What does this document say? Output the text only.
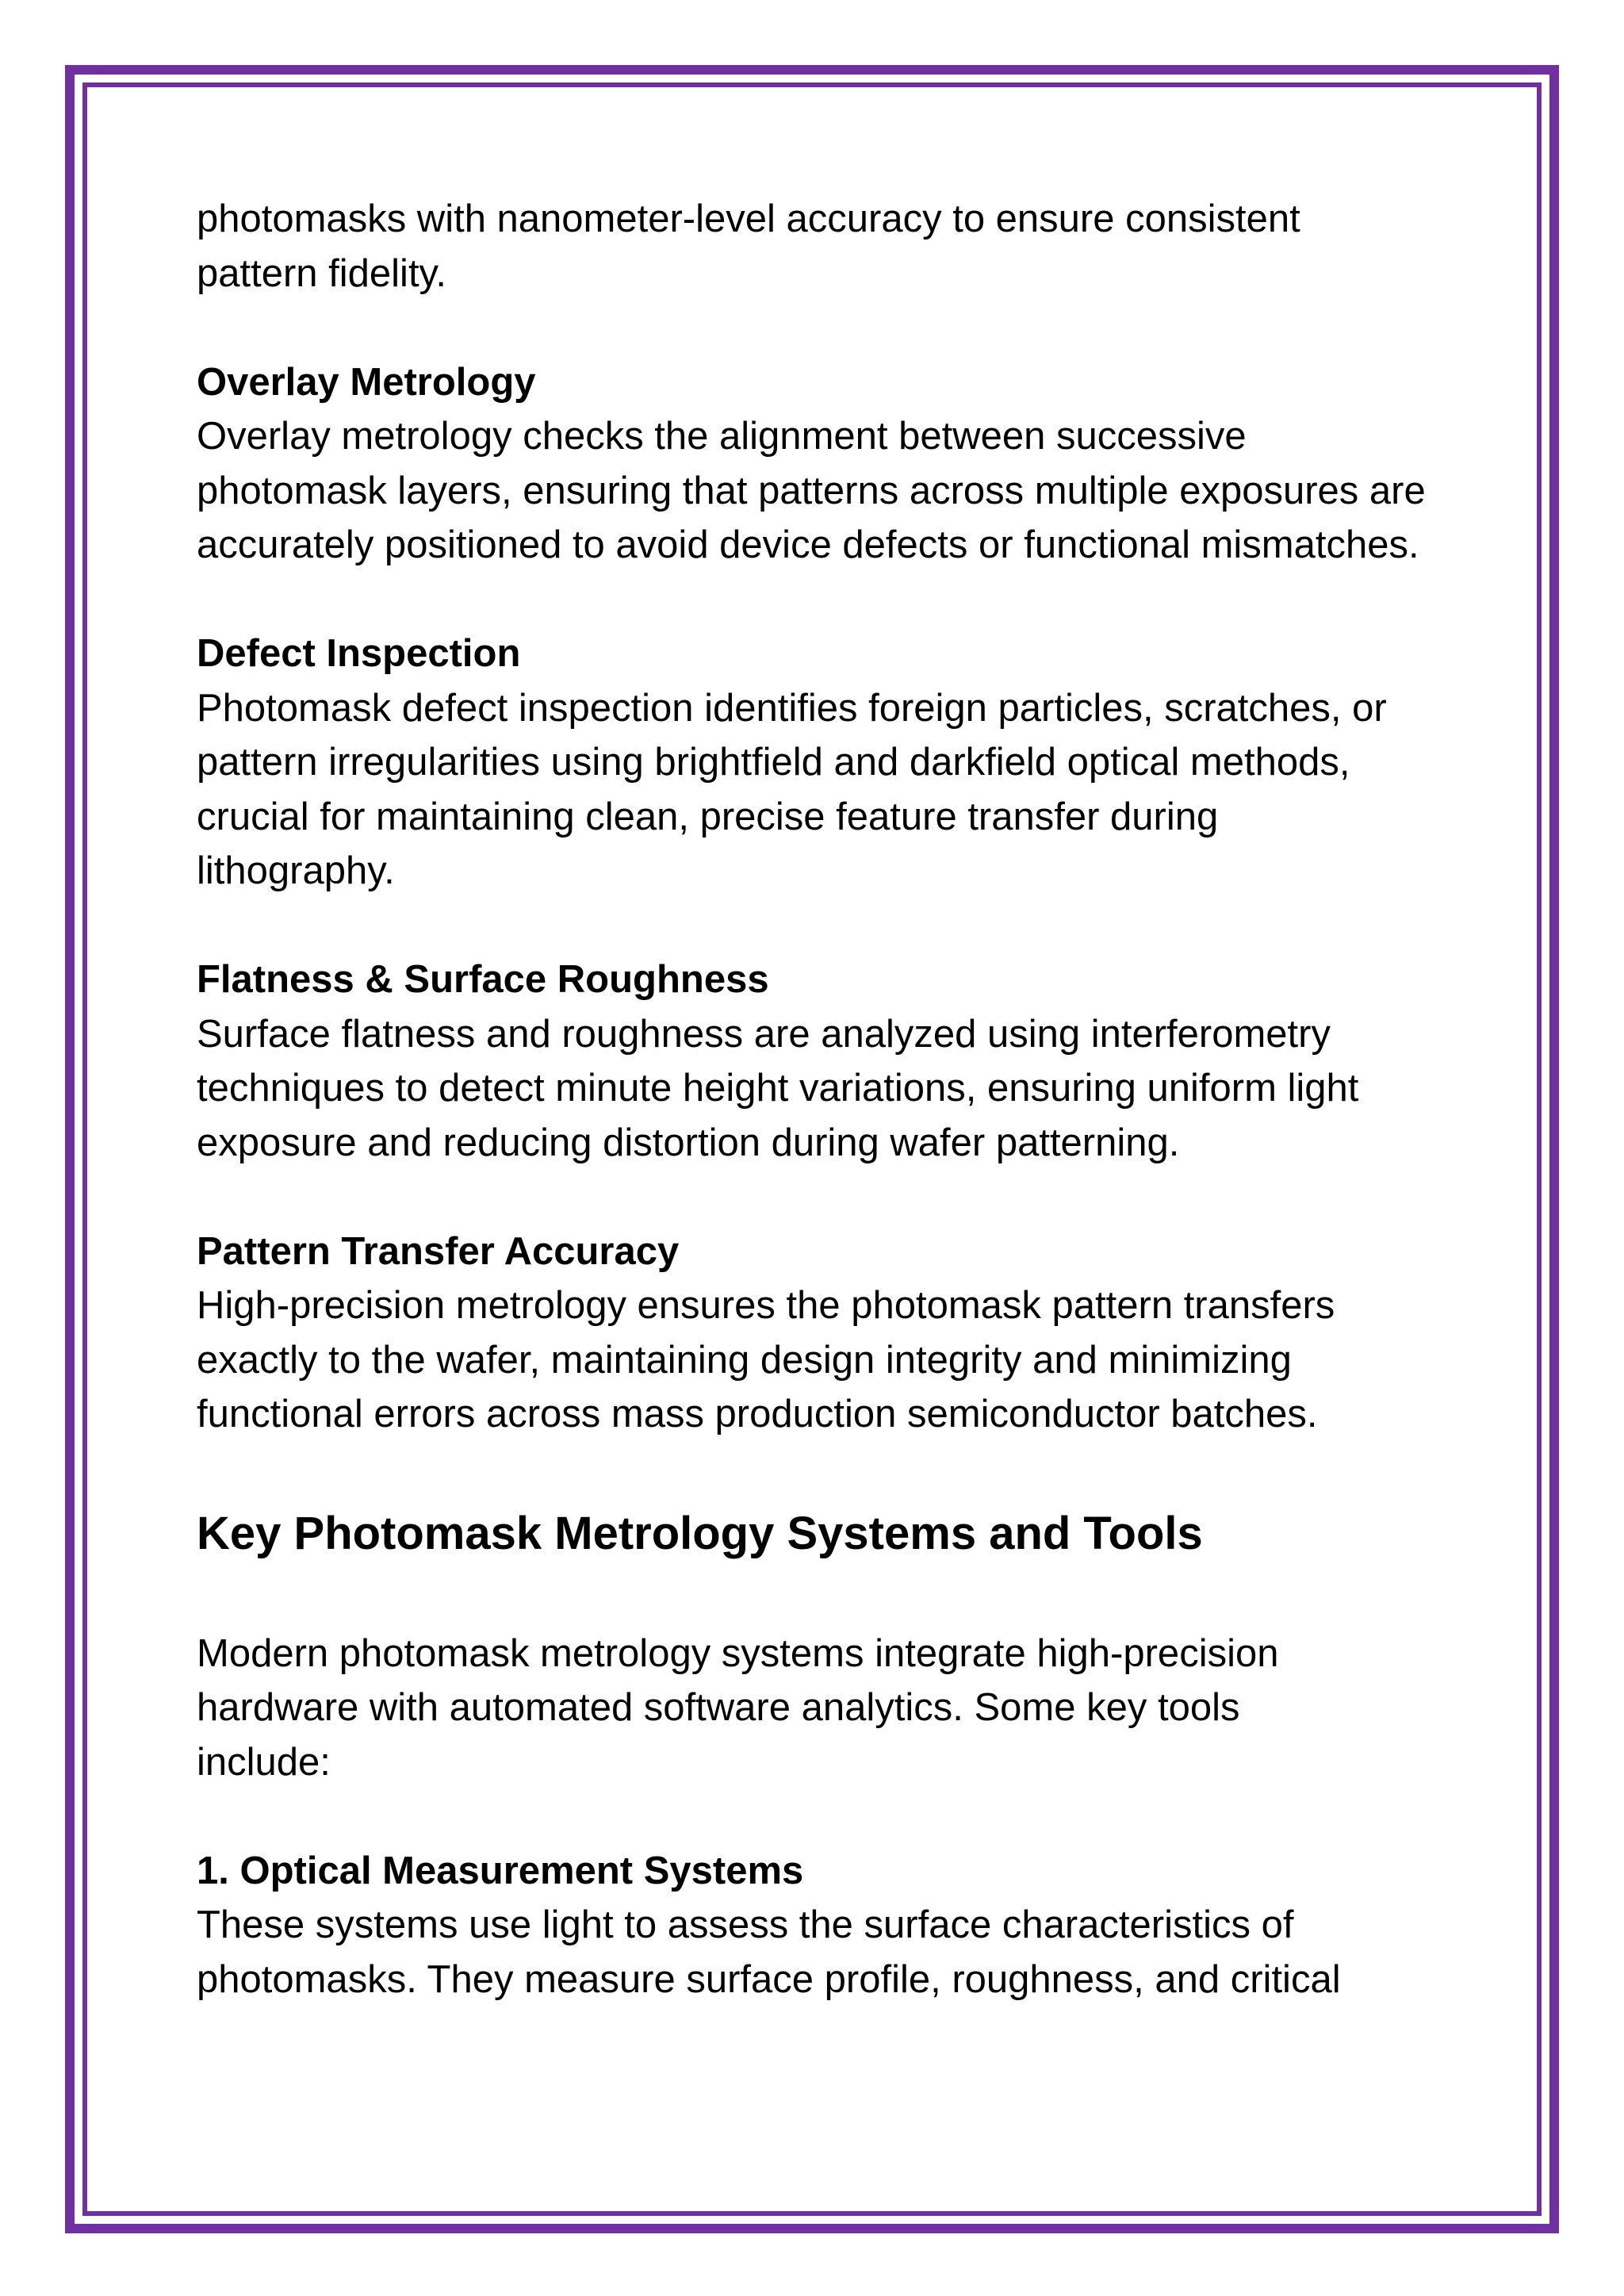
photomasks with nanometer-level accuracy to ensure consistent pattern fidelity.

Overlay Metrology

Overlay metrology checks the alignment between successive photomask layers, ensuring that patterns across multiple exposures are accurately positioned to avoid device defects or functional mismatches.

Defect Inspection

Photomask defect inspection identifies foreign particles, scratches, or pattern irregularities using brightfield and darkfield optical methods, crucial for maintaining clean, precise feature transfer during lithography.

Flatness & Surface Roughness

Surface flatness and roughness are analyzed using interferometry techniques to detect minute height variations, ensuring uniform light exposure and reducing distortion during wafer patterning.

Pattern Transfer Accuracy

High-precision metrology ensures the photomask pattern transfers exactly to the wafer, maintaining design integrity and minimizing functional errors across mass production semiconductor batches.

Key Photomask Metrology Systems and Tools

Modern photomask metrology systems integrate high-precision hardware with automated software analytics. Some key tools include:

1. Optical Measurement Systems

These systems use light to assess the surface characteristics of photomasks. They measure surface profile, roughness, and critical
